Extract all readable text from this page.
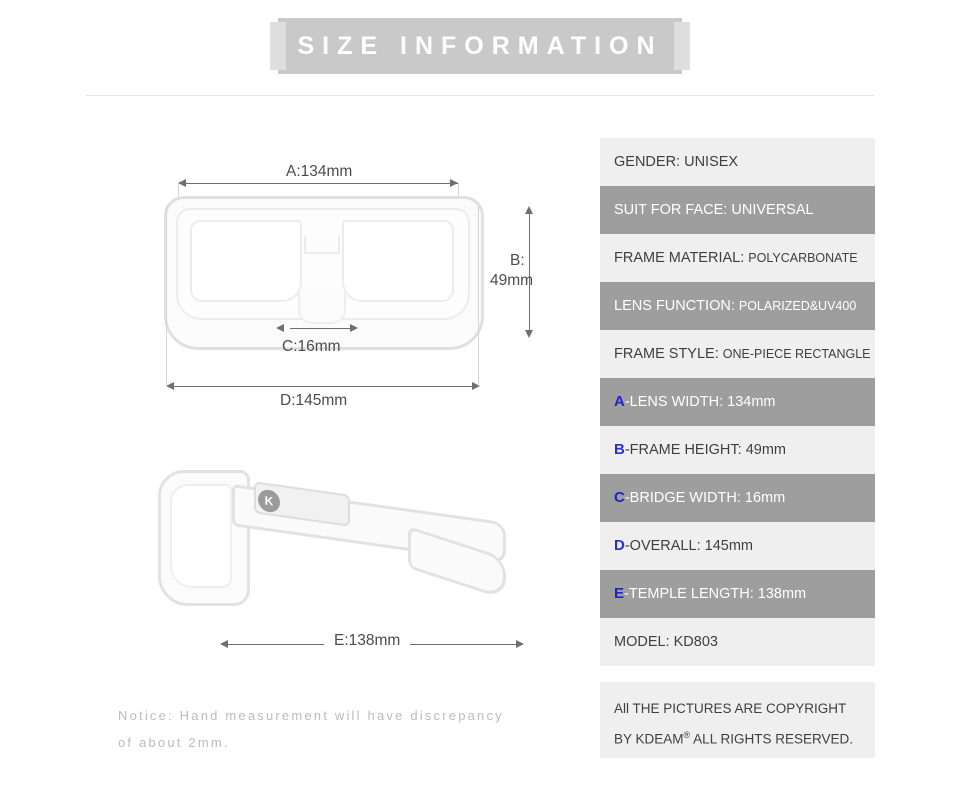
SIZE INFORMATION
A:134mm
B:
49mm
C:16mm
D:145mm
K
E:138mm
Notice: Hand measurement will have discrepancy
of about 2mm.
GENDER: UNISEX
SUIT FOR FACE: UNIVERSAL
FRAME MATERIAL: POLYCARBONATE
LENS FUNCTION: POLARIZED&UV400
FRAME STYLE: ONE-PIECE RECTANGLE
A-LENS WIDTH: 134mm
B-FRAME HEIGHT: 49mm
C-BRIDGE WIDTH: 16mm
D-OVERALL: 145mm
E-TEMPLE LENGTH: 138mm
MODEL: KD803
All THE PICTURES ARE COPYRIGHT
BY KDEAM® ALL RIGHTS RESERVED.
